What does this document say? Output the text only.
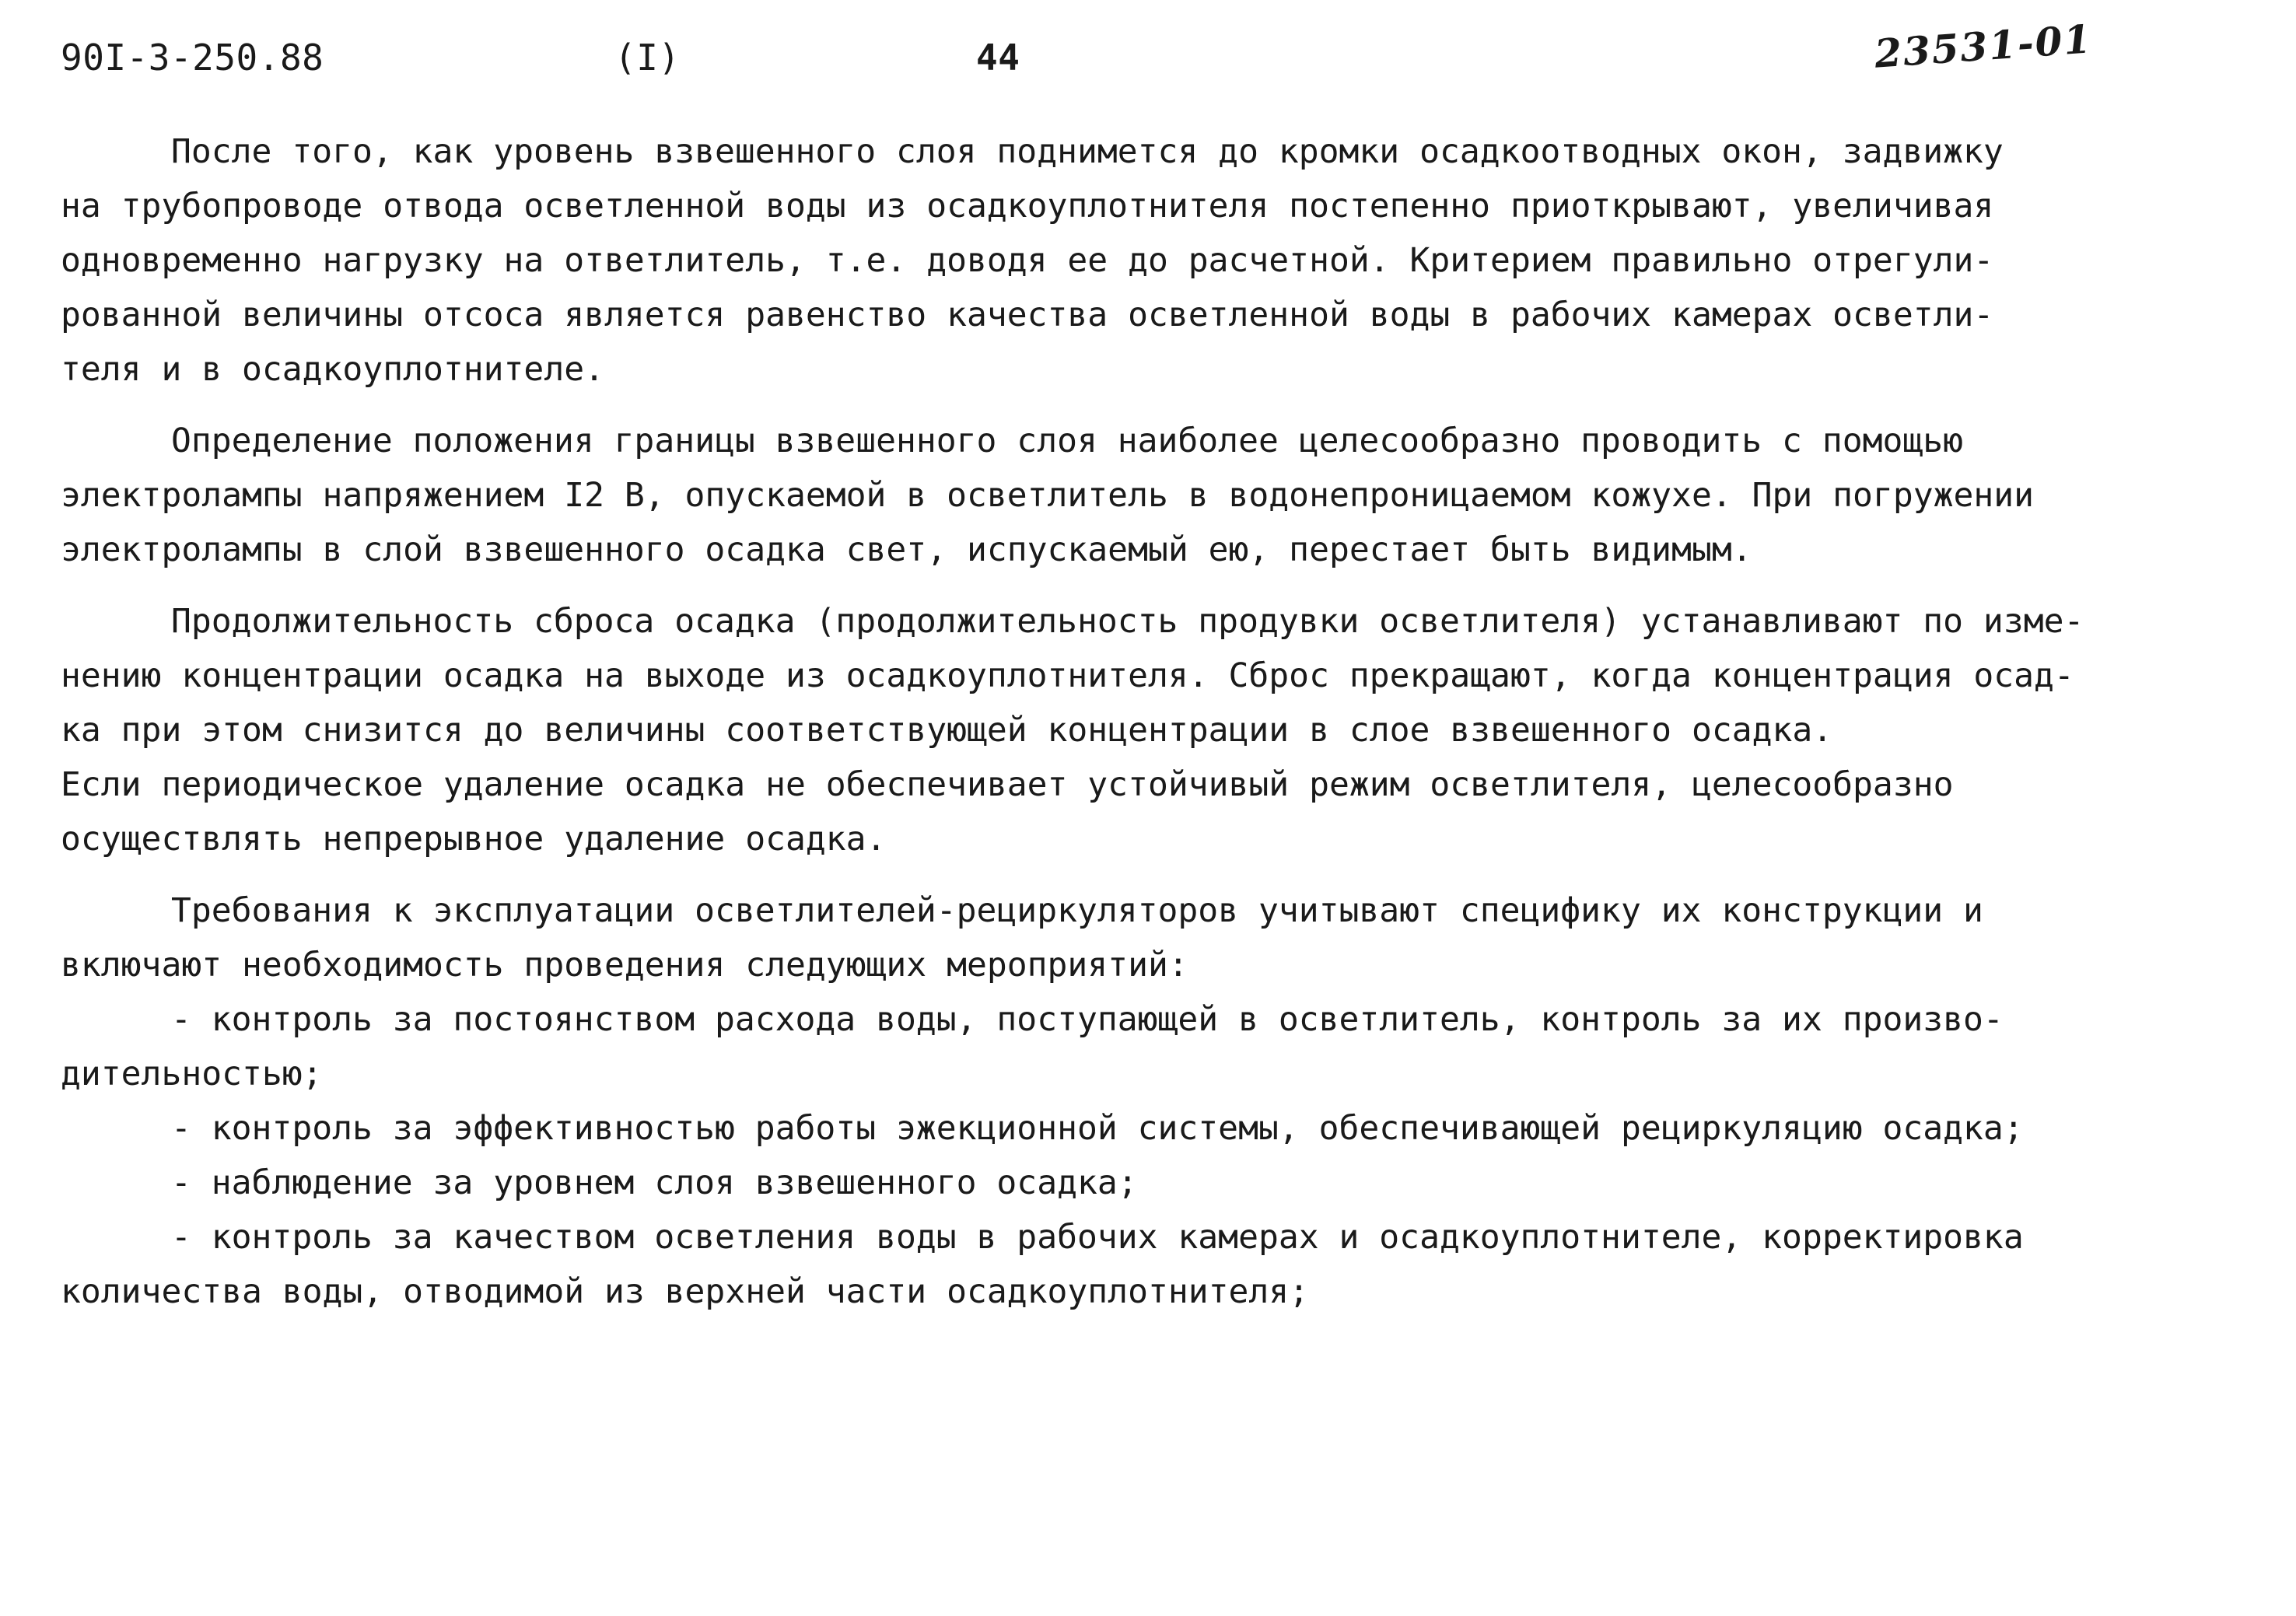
90I-3-250.88	(I)	44	23531-01
После того, как уровень взвешенного слоя поднимется до кромки осадкоотводных окон, задвижку
на трубопроводе отвода осветленной воды из осадкоуплотнителя постепенно приоткрывают, увеличивая
одновременно нагрузку на ответлитель, т.е. доводя ее до расчетной. Критерием правильно отрегули-
рованной величины отсоса является равенство качества осветленной воды в рабочих камерах осветли-
теля и в осадкоуплотнителе.
Определение положения границы взвешенного слоя наиболее целесообразно проводить с помощью
электролампы напряжением I2 В, опускаемой в осветлитель в водонепроницаемом кожухе. При погружении
электролампы в слой взвешенного осадка свет, испускаемый ею, перестает быть видимым.
Продолжительность сброса осадка (продолжительность продувки осветлителя) устанавливают по изме-
нению концентрации осадка на выходе из осадкоуплотнителя. Сброс прекращают, когда концентрация осад-
ка при этом снизится до величины соответствующей концентрации в слое взвешенного осадка.
Если периодическое удаление осадка не обеспечивает устойчивый режим осветлителя, целесообразно
осуществлять непрерывное удаление осадка.
Требования к эксплуатации осветлителей-рециркуляторов учитывают специфику их конструкции и
включают необходимость проведения следующих мероприятий:
- контроль за постоянством расхода воды, поступающей в осветлитель, контроль за их произво-
дительностью;
- контроль за эффективностью работы эжекционной системы, обеспечивающей рециркуляцию осадка;
- наблюдение за уровнем слоя взвешенного осадка;
- контроль за качеством осветления воды в рабочих камерах и осадкоуплотнителе, корректировка
количества воды, отводимой из верхней части осадкоуплотнителя;
